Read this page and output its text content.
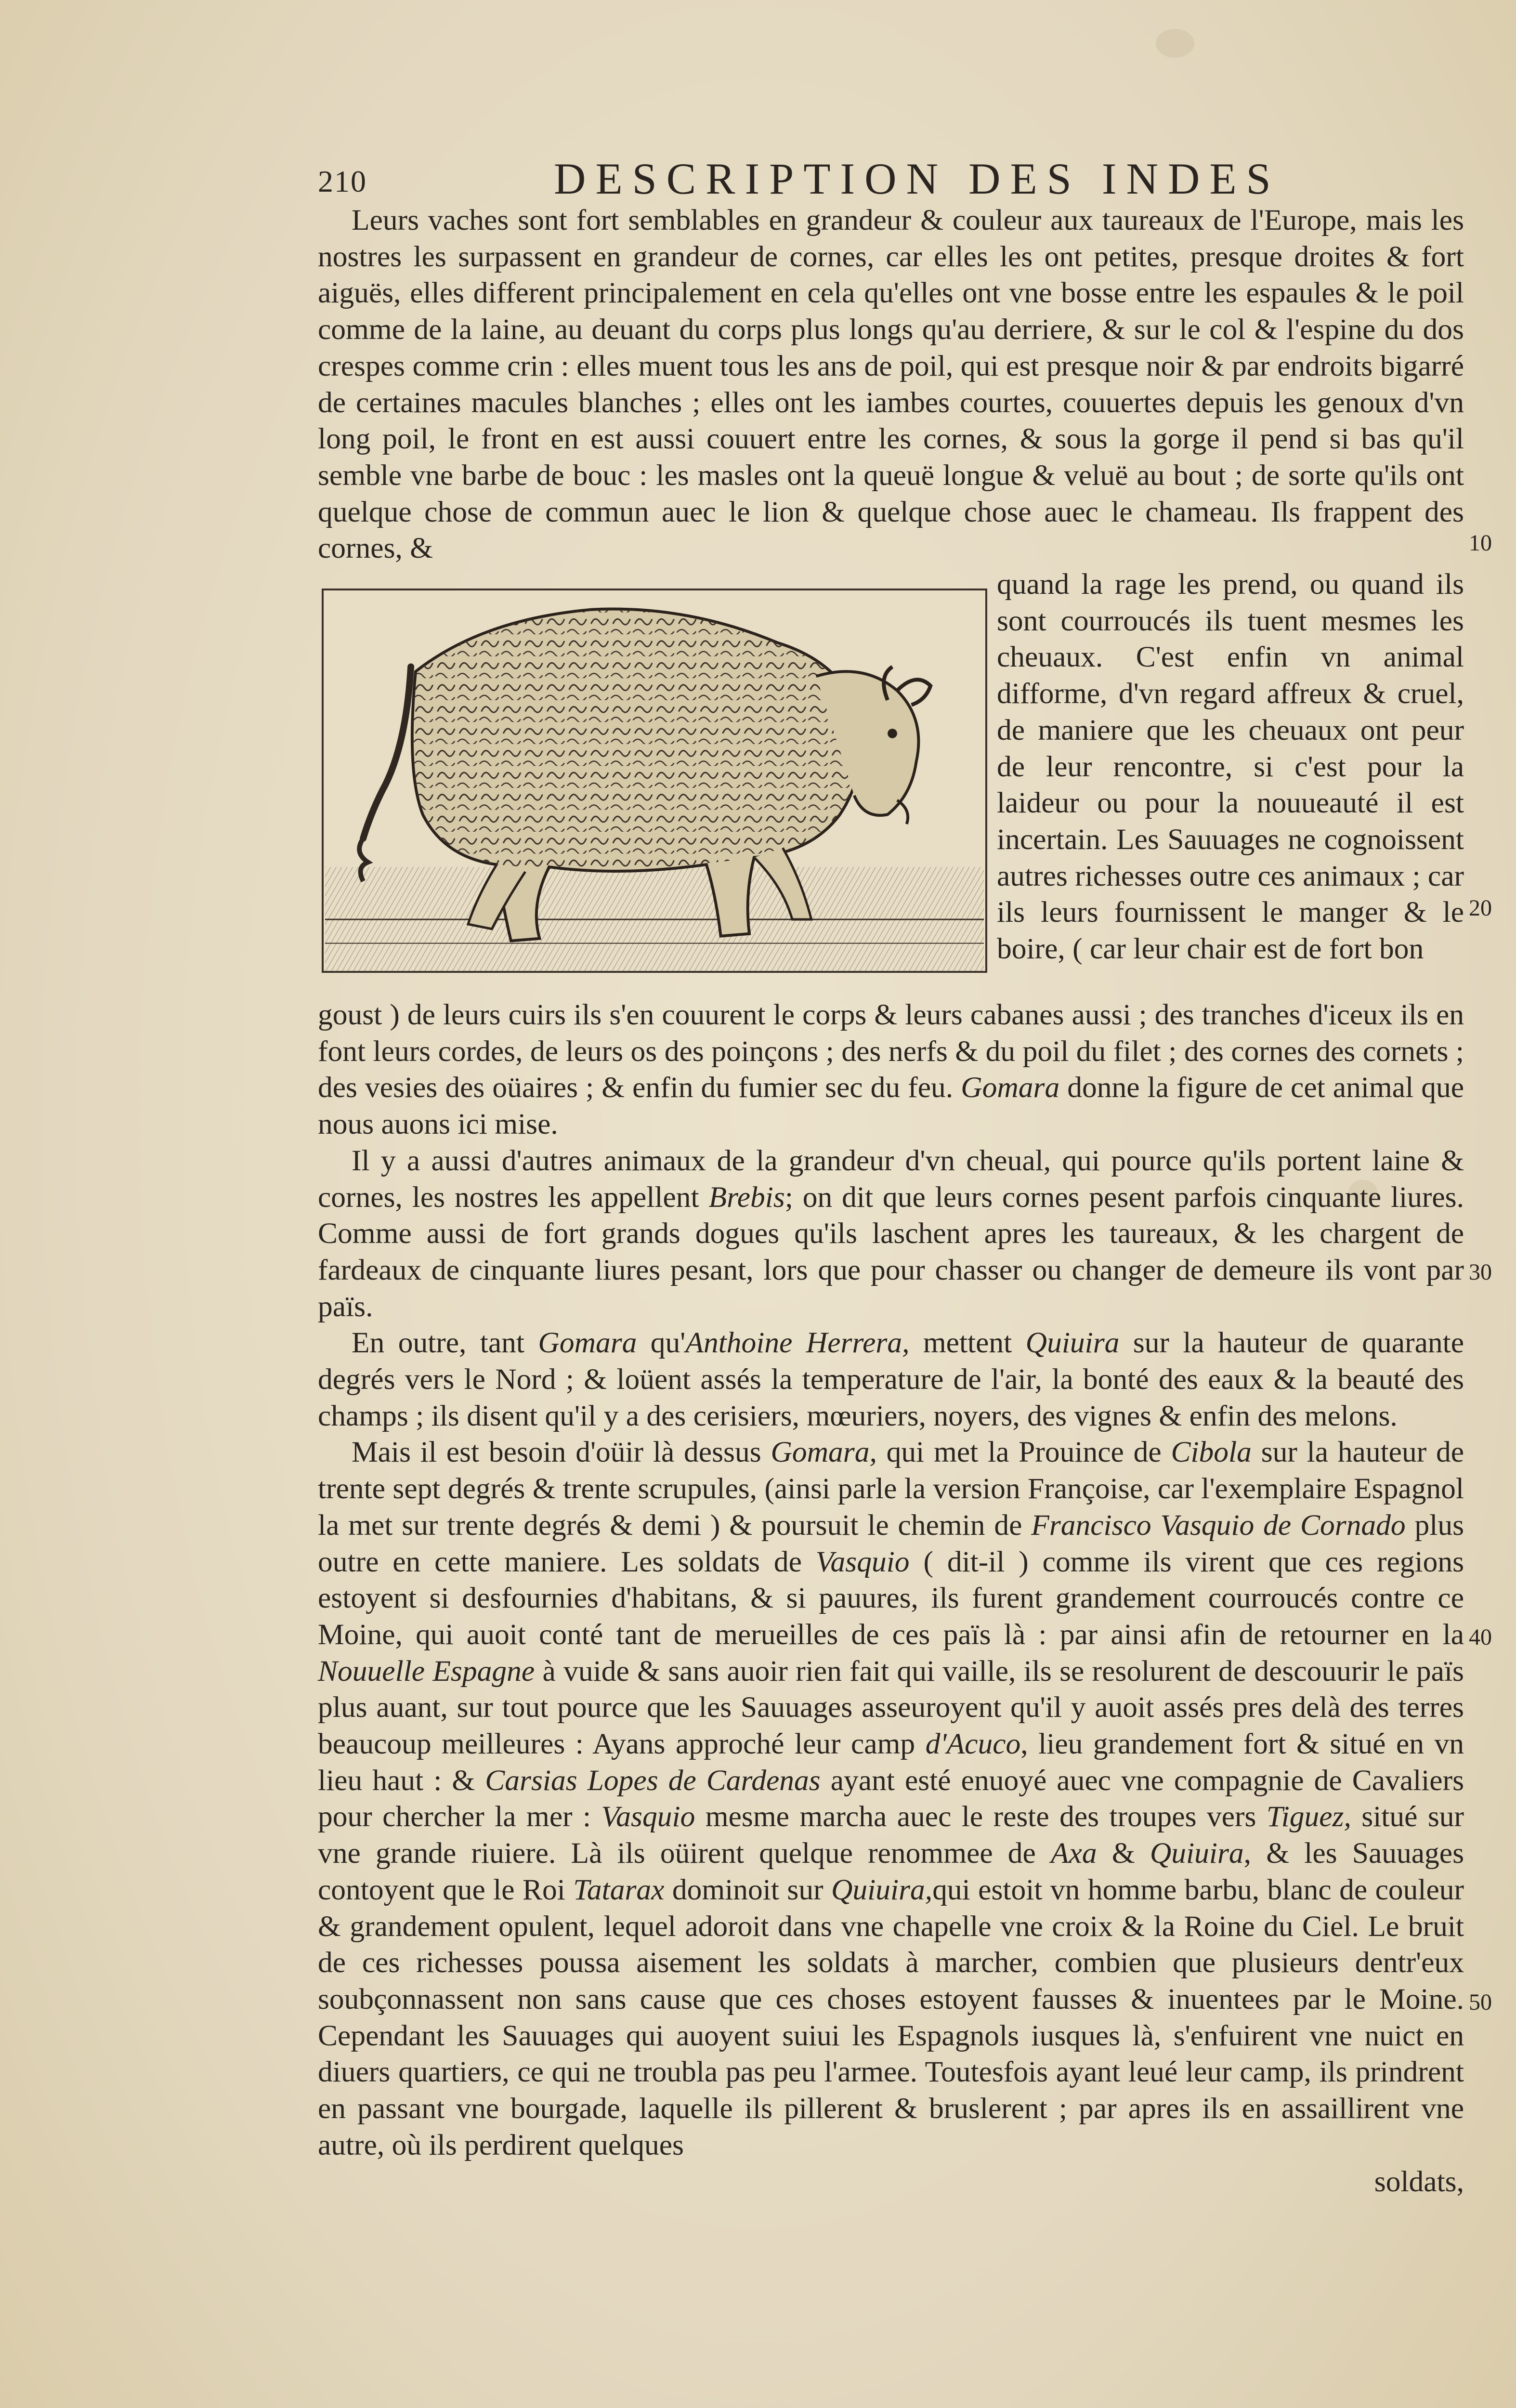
210	DESCRIPTION DES INDES

Leurs vaches sont fort semblables en grandeur & couleur aux taureaux de l'Europe, mais les nostres les surpassent en grandeur de cornes, car elles les ont petites, presque droites & fort aiguës, elles different principalement en cela qu'elles ont vne bosse entre les espaules & le poil comme de la laine, au deuant du corps plus longs qu'au derriere, & sur le col & l'espine du dos crespes comme crin : elles muent tous les ans de poil, qui est presque noir & par endroits bigarré de certaines macules blanches ; elles ont les iambes courtes, couuertes depuis les genoux d'vn long poil, le front en est aussi couuert entre les cornes, & sous la gorge il pend si bas qu'il semble vne barbe de bouc : les masles ont la queuë longue & veluë au bout ; de sorte qu'ils ont quelque chose de commun auec le lion & quelque chose auec le chameau. Ils frappent des cornes, &

quand la rage les prend, ou quand ils sont courroucés ils tuent mesmes les cheuaux. C'est enfin vn animal difforme, d'vn regard affreux & cruel, de maniere que les cheuaux ont peur de leur rencontre, si c'est pour la laideur ou pour la nouueauté il est incertain. Les Sauuages ne cognoissent autres richesses outre ces animaux ; car ils leurs fournissent le manger & le boire, ( car leur chair est de fort bon

goust ) de leurs cuirs ils s'en couurent le corps & leurs cabanes aussi ; des tranches d'iceux ils en font leurs cordes, de leurs os des poinçons ; des nerfs & du poil du filet ; des cornes des cornets ; des vesies des oüaires ; & enfin du fumier sec du feu. Gomara donne la figure de cet animal que nous auons ici mise.

Il y a aussi d'autres animaux de la grandeur d'vn cheual, qui pource qu'ils portent laine & cornes, les nostres les appellent Brebis; on dit que leurs cornes pesent parfois cinquante liures. Comme aussi de fort grands dogues qu'ils laschent apres les taureaux, & les chargent de fardeaux de cinquante liures pesant, lors que pour chasser ou changer de demeure ils vont par païs.

En outre, tant Gomara qu'Anthoine Herrera, mettent Quiuira sur la hauteur de quarante degrés vers le Nord ; & loüent assés la temperature de l'air, la bonté des eaux & la beauté des champs ; ils disent qu'il y a des cerisiers, mœuriers, noyers, des vignes & enfin des melons.

Mais il est besoin d'oüir là dessus Gomara, qui met la Prouince de Cibola sur la hauteur de trente sept degrés & trente scrupules, (ainsi parle la version Françoise, car l'exemplaire Espagnol la met sur trente degrés & demi ) & poursuit le chemin de Francisco Vasquio de Cornado plus outre en cette maniere. Les soldats de Vasquio ( dit-il ) comme ils virent que ces regions estoyent si desfournies d'habitans, & si pauures, ils furent grandement courroucés contre ce Moine, qui auoit conté tant de merueilles de ces païs là : par ainsi afin de retourner en la Nouuelle Espagne à vuide & sans auoir rien fait qui vaille, ils se resolurent de descouurir le païs plus auant, sur tout pource que les Sauuages asseuroyent qu'il y auoit assés pres delà des terres beaucoup meilleures : Ayans approché leur camp d'Acuco, lieu grandement fort & situé en vn lieu haut : & Carsias Lopes de Cardenas ayant esté enuoyé auec vne compagnie de Cavaliers pour chercher la mer : Vasquio mesme marcha auec le reste des troupes vers Tiguez, situé sur vne grande riuiere. Là ils oüirent quelque renommee de Axa & Quiuira, & les Sauuages contoyent que le Roi Tatarax dominoit sur Quiuira,qui estoit vn homme barbu, blanc de couleur & grandement opulent, lequel adoroit dans vne chapelle vne croix & la Roine du Ciel. Le bruit de ces richesses poussa aisement les soldats à marcher, combien que plusieurs dentr'eux soubçonnassent non sans cause que ces choses estoyent fausses & inuentees par le Moine. Cependant les Sauuages qui auoyent suiui les Espagnols iusques là, s'enfuirent vne nuict en diuers quartiers, ce qui ne troubla pas peu l'armee. Toutesfois ayant leué leur camp, ils prindrent en passant vne bourgade, laquelle ils pillerent & bruslerent ; par apres ils en assaillirent vne autre, où ils perdirent quelques

soldats,
10
20
30
40
50
